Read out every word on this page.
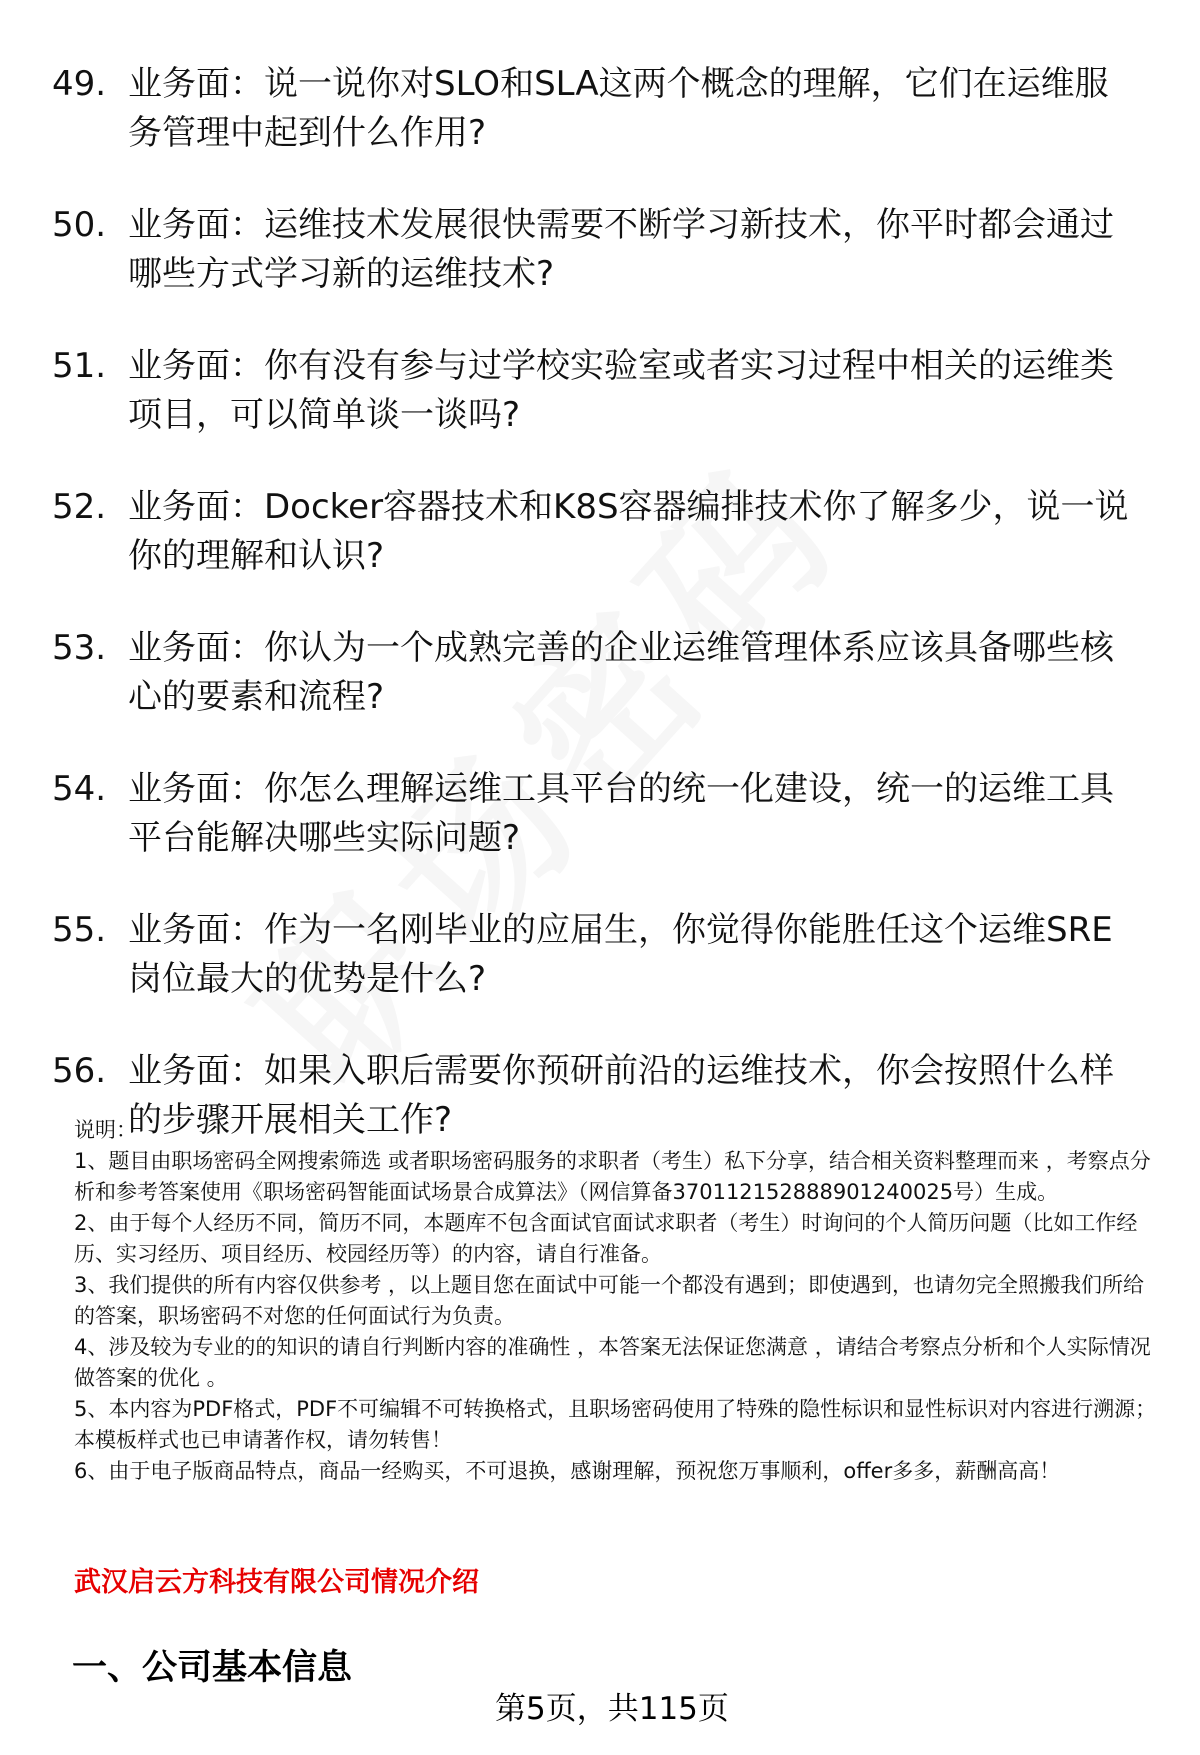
49. 业务面：说一说你对SLO和SLA这两个概念的理解，它们在运维服务管理中起到什么作用?
50. 业务面：运维技术发展很快需要不断学习新技术，你平时都会通过哪些方式学习新的运维技术?
51. 业务面：你有没有参与过学校实验室或者实习过程中相关的运维类项目，可以简单谈一谈吗?
52. 业务面：Docker容器技术和K8S容器编排技术你了解多少，说一说你的理解和认识?
53. 业务面：你认为一个成熟完善的企业运维管理体系应该具备哪些核心的要素和流程?
54. 业务面：你怎么理解运维工具平台的统一化建设，统一的运维工具平台能解决哪些实际问题?
55. 业务面：作为一名刚毕业的应届生，你觉得你能胜任这个运维SRE岗位最大的优势是什么?
56. 业务面：如果入职后需要你预研前沿的运维技术，你会按照什么样的步骤开展相关工作?

说明：

1、题目由职场密码全网搜索筛选 或者职场密码服务的求职者（考生）私下分享，结合相关资料整理而来 ，考察点分析和参考答案使用《职场密码智能面试场景合成算法》（网信算备370112152888901240025号）生成。

2、由于每个人经历不同，简历不同，本题库不包含面试官面试求职者（考生）时询问的个人简历问题（比如工作经历、实习经历、项目经历、校园经历等）的内容，请自行准备。

3、我们提供的所有内容仅供参考 ，以上题目您在面试中可能一个都没有遇到；即使遇到，也请勿完全照搬我们所给的答案，职场密码不对您的任何面试行为负责。

4、涉及较为专业的的知识的请自行判断内容的准确性 ，本答案无法保证您满意 ，请结合考察点分析和个人实际情况做答案的优化 。

5、本内容为PDF格式，PDF不可编辑不可转换格式，且职场密码使用了特殊的隐性标识和显性标识对内容进行溯源；本模板样式也已申请著作权，请勿转售！

6、由于电子版商品特点，商品一经购买，不可退换，感谢理解，预祝您万事顺利，offer多多，薪酬高高！

武汉启云方科技有限公司情况介绍
一、公司基本信息
第5页，共115页
